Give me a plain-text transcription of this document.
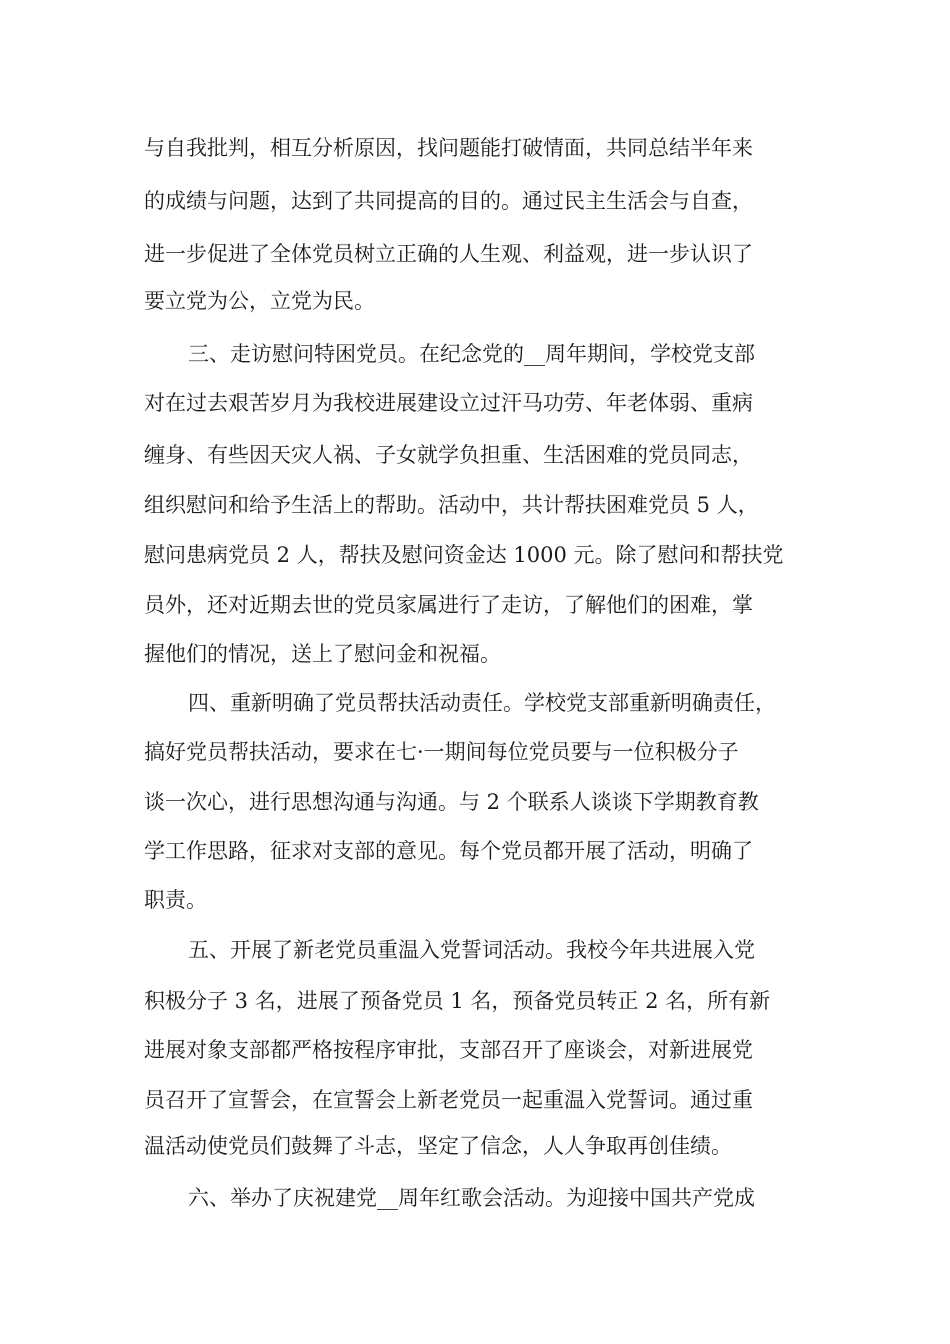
与自我批判，相互分析原因，找问题能打破情面，共同总结半年来
的成绩与问题，达到了共同提高的目的。通过民主生活会与自查，
进一步促进了全体党员树立正确的人生观、利益观，进一步认识了
要立党为公，立党为民。
三、走访慰问特困党员。在纪念党的__周年期间，学校党支部
对在过去艰苦岁月为我校进展建设立过汗马功劳、年老体弱、重病
缠身、有些因天灾人祸、子女就学负担重、生活困难的党员同志，
组织慰问和给予生活上的帮助。活动中，共计帮扶困难党员 5 人，
慰问患病党员 2 人，帮扶及慰问资金达 1000 元。除了慰问和帮扶党
员外，还对近期去世的党员家属进行了走访，了解他们的困难，掌
握他们的情况，送上了慰问金和祝福。
四、重新明确了党员帮扶活动责任。学校党支部重新明确责任，
搞好党员帮扶活动，要求在七·一期间每位党员要与一位积极分子
谈一次心，进行思想沟通与沟通。与 2 个联系人谈谈下学期教育教
学工作思路，征求对支部的意见。每个党员都开展了活动，明确了
职责。
五、开展了新老党员重温入党誓词活动。我校今年共进展入党
积极分子 3 名，进展了预备党员 1 名，预备党员转正 2 名，所有新
进展对象支部都严格按程序审批，支部召开了座谈会，对新进展党
员召开了宣誓会，在宣誓会上新老党员一起重温入党誓词。通过重
温活动使党员们鼓舞了斗志，坚定了信念，人人争取再创佳绩。
六、举办了庆祝建党__周年红歌会活动。为迎接中国共产党成
